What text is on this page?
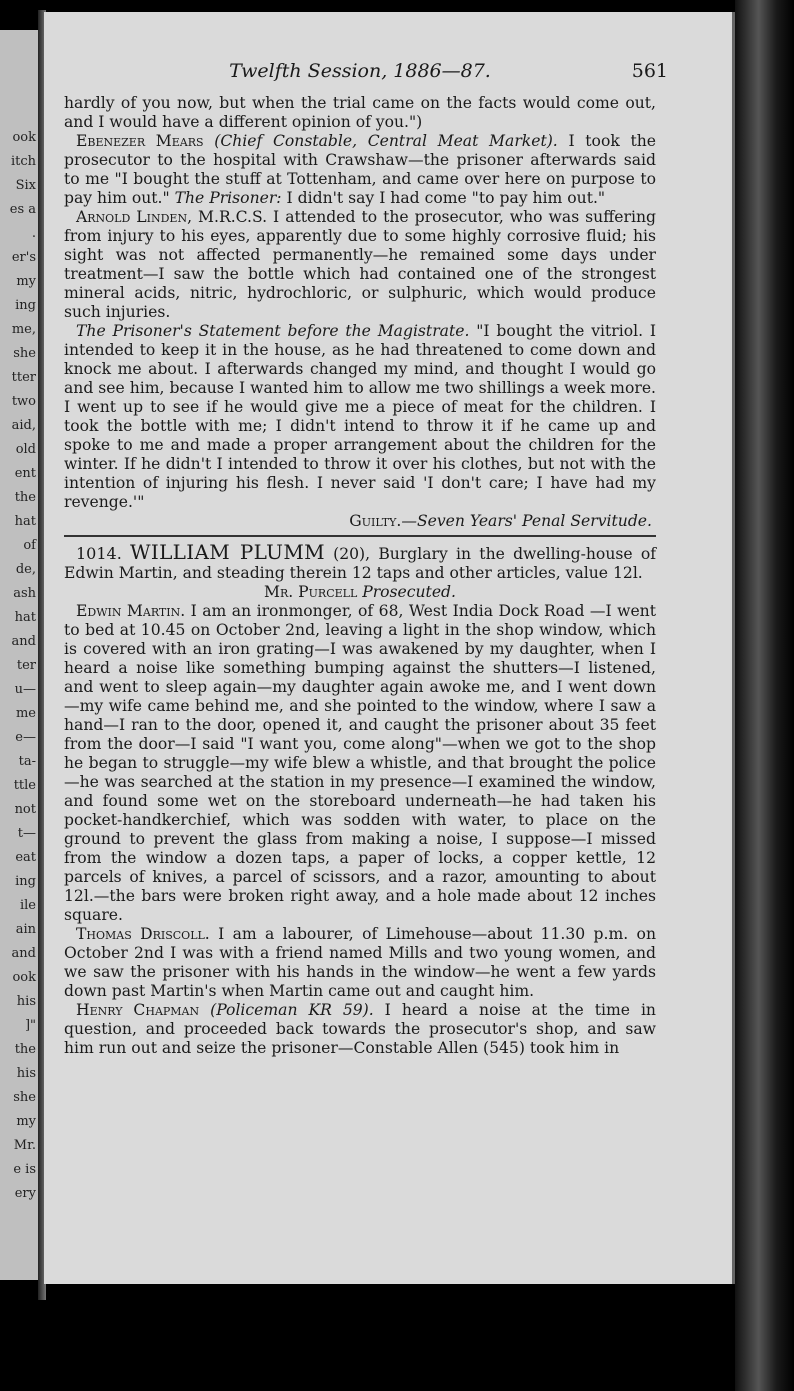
ook
itch
Six
es a
.
er's
my
ing
me,
she
tter
two
aid,
old
ent
the
hat
of
de,
ash
hat
and
ter
u—
me
e—
ta-
ttle
not
t—
eat
ing
ile
ain
and
ook
his
]"
the
his
she
my
Mr.
e is
ery
Twelfth Session, 1886—87.	561

hardly of you now, but when the trial came on the facts would come out, and I would have a different opinion of you.")

Ebenezer Mears (Chief Constable, Central Meat Market). I took the prosecutor to the hospital with Crawshaw—the prisoner afterwards said to me "I bought the stuff at Tottenham, and came over here on purpose to pay him out." The Prisoner: I didn't say I had come "to pay him out."

Arnold Linden, M.R.C.S. I attended to the prosecutor, who was suffering from injury to his eyes, apparently due to some highly corrosive fluid; his sight was not affected permanently—he remained some days under treatment—I saw the bottle which had contained one of the strongest mineral acids, nitric, hydrochloric, or sulphuric, which would produce such injuries.

The Prisoner's Statement before the Magistrate. "I bought the vitriol. I intended to keep it in the house, as he had threatened to come down and knock me about. I afterwards changed my mind, and thought I would go and see him, because I wanted him to allow me two shillings a week more. I went up to see if he would give me a piece of meat for the children. I took the bottle with me; I didn't intend to throw it if he came up and spoke to me and made a proper arrangement about the children for the winter. If he didn't I intended to throw it over his clothes, but not with the intention of injuring his flesh. I never said 'I don't care; I have had my revenge.'"

Guilty.—Seven Years' Penal Servitude.

1014. WILLIAM PLUMM (20), Burglary in the dwelling-house of Edwin Martin, and steading therein 12 taps and other articles, value 12l.

Mr. Purcell Prosecuted.

Edwin Martin. I am an ironmonger, of 68, West India Dock Road —I went to bed at 10.45 on October 2nd, leaving a light in the shop window, which is covered with an iron grating—I was awakened by my daughter, when I heard a noise like something bumping against the shutters—I listened, and went to sleep again—my daughter again awoke me, and I went down—my wife came behind me, and she pointed to the window, where I saw a hand—I ran to the door, opened it, and caught the prisoner about 35 feet from the door—I said "I want you, come along"—when we got to the shop he began to struggle—my wife blew a whistle, and that brought the police—he was searched at the station in my presence—I examined the window, and found some wet on the storeboard underneath—he had taken his pocket-handkerchief, which was sodden with water, to place on the ground to prevent the glass from making a noise, I suppose—I missed from the window a dozen taps, a paper of locks, a copper kettle, 12 parcels of knives, a parcel of scissors, and a razor, amounting to about 12l.—the bars were broken right away, and a hole made about 12 inches square.

Thomas Driscoll. I am a labourer, of Limehouse—about 11.30 p.m. on October 2nd I was with a friend named Mills and two young women, and we saw the prisoner with his hands in the window—he went a few yards down past Martin's when Martin came out and caught him.

Henry Chapman (Policeman KR 59). I heard a noise at the time in question, and proceeded back towards the prosecutor's shop, and saw him run out and seize the prisoner—Constable Allen (545) took him in
